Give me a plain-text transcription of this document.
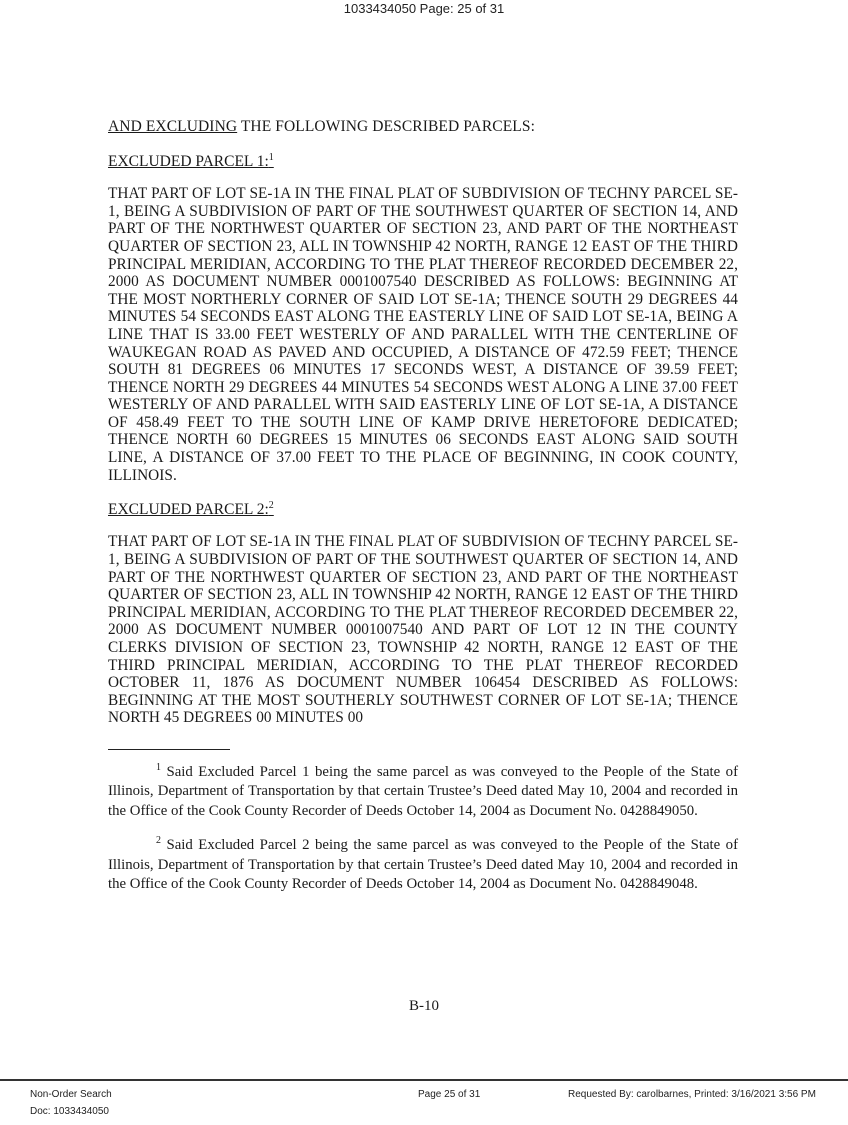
1033434050 Page: 25 of 31

AND EXCLUDING THE FOLLOWING DESCRIBED PARCELS:

EXCLUDED PARCEL 1:$^1$

THAT PART OF LOT SE-1A IN THE FINAL PLAT OF SUBDIVISION OF TECHNY PARCEL SE-1, BEING A SUBDIVISION OF PART OF THE SOUTHWEST QUARTER OF SECTION 14, AND PART OF THE NORTHWEST QUARTER OF SECTION 23, AND PART OF THE NORTHEAST QUARTER OF SECTION 23, ALL IN TOWNSHIP 42 NORTH, RANGE 12 EAST OF THE THIRD PRINCIPAL MERIDIAN, ACCORDING TO THE PLAT THEREOF RECORDED DECEMBER 22, 2000 AS DOCUMENT NUMBER 0001007540 DESCRIBED AS FOLLOWS: BEGINNING AT THE MOST NORTHERLY CORNER OF SAID LOT SE-1A; THENCE SOUTH 29 DEGREES 44 MINUTES 54 SECONDS EAST ALONG THE EASTERLY LINE OF SAID LOT SE-1A, BEING A LINE THAT IS 33.00 FEET WESTERLY OF AND PARALLEL WITH THE CENTERLINE OF WAUKEGAN ROAD AS PAVED AND OCCUPIED, A DISTANCE OF 472.59 FEET; THENCE SOUTH 81 DEGREES 06 MINUTES 17 SECONDS WEST, A DISTANCE OF 39.59 FEET; THENCE NORTH 29 DEGREES 44 MINUTES 54 SECONDS WEST ALONG A LINE 37.00 FEET WESTERLY OF AND PARALLEL WITH SAID EASTERLY LINE OF LOT SE-1A, A DISTANCE OF 458.49 FEET TO THE SOUTH LINE OF KAMP DRIVE HERETOFORE DEDICATED; THENCE NORTH 60 DEGREES 15 MINUTES 06 SECONDS EAST ALONG SAID SOUTH LINE, A DISTANCE OF 37.00 FEET TO THE PLACE OF BEGINNING, IN COOK COUNTY, ILLINOIS.

EXCLUDED PARCEL 2:$^2$

THAT PART OF LOT SE-1A IN THE FINAL PLAT OF SUBDIVISION OF TECHNY PARCEL SE-1, BEING A SUBDIVISION OF PART OF THE SOUTHWEST QUARTER OF SECTION 14, AND PART OF THE NORTHWEST QUARTER OF SECTION 23, AND PART OF THE NORTHEAST QUARTER OF SECTION 23, ALL IN TOWNSHIP 42 NORTH, RANGE 12 EAST OF THE THIRD PRINCIPAL MERIDIAN, ACCORDING TO THE PLAT THEREOF RECORDED DECEMBER 22, 2000 AS DOCUMENT NUMBER 0001007540 AND PART OF LOT 12 IN THE COUNTY CLERKS DIVISION OF SECTION 23, TOWNSHIP 42 NORTH, RANGE 12 EAST OF THE THIRD PRINCIPAL MERIDIAN, ACCORDING TO THE PLAT THEREOF RECORDED OCTOBER 11, 1876 AS DOCUMENT NUMBER 106454 DESCRIBED AS FOLLOWS: BEGINNING AT THE MOST SOUTHERLY SOUTHWEST CORNER OF LOT SE-1A; THENCE NORTH 45 DEGREES 00 MINUTES 00

$^1$ Said Excluded Parcel 1 being the same parcel as was conveyed to the People of the State of Illinois, Department of Transportation by that certain Trustee’s Deed dated May 10, 2004 and recorded in the Office of the Cook County Recorder of Deeds October 14, 2004 as Document No. 0428849050.

$^2$ Said Excluded Parcel 2 being the same parcel as was conveyed to the People of the State of Illinois, Department of Transportation by that certain Trustee’s Deed dated May 10, 2004 and recorded in the Office of the Cook County Recorder of Deeds October 14, 2004 as Document No. 0428849048.

B-10
Non-Order Search
Doc: 1033434050
Page 25 of 31	Requested By: carolbarnes, Printed: 3/16/2021 3:56 PM
